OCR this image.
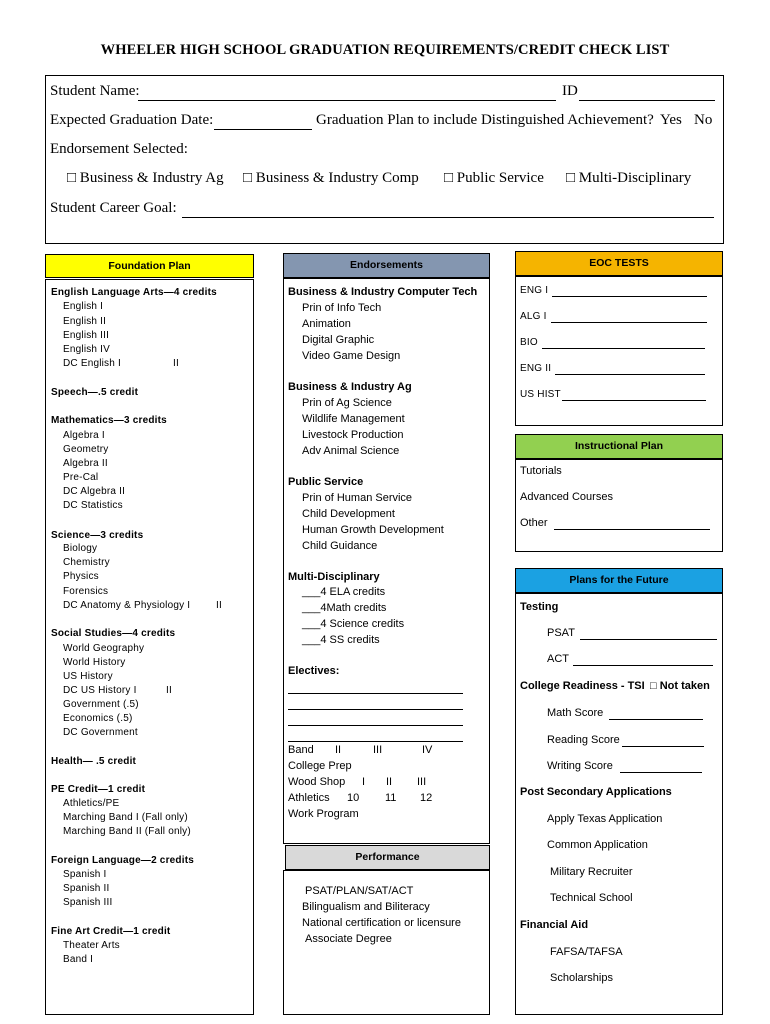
WHEELER HIGH SCHOOL GRADUATION REQUIREMENTS/CREDIT CHECK LIST
Student Name:	ID
Expected Graduation Date:	Graduation Plan to include Distinguished Achievement? Yes No
Endorsement Selected:
□ Business & Industry Ag □ Business & Industry Comp □ Public Service □ Multi-Disciplinary
Student Career Goal:
Foundation Plan
English Language Arts—4 credits
English I
English II
English III
English IV
DC English I	II
Speech—.5 credit
Mathematics—3 credits
Algebra I
Geometry
Algebra II
Pre-Cal
DC Algebra II
DC Statistics
Science—3 credits
Biology
Chemistry
Physics
Forensics
DC Anatomy & Physiology I	II
Social Studies—4 credits
World Geography
World History
US History
DC US History I	II
Government (.5)
Economics (.5)
DC Government
Health— .5 credit
PE Credit—1 credit
Athletics/PE
Marching Band I (Fall only)
Marching Band II (Fall only)
Foreign Language—2 credits
Spanish I
Spanish II
Spanish III
Fine Art Credit—1 credit
Theater Arts
Band I
Endorsements
Business & Industry Computer Tech
Prin of Info Tech
Animation
Digital Graphic
Video Game Design
Business & Industry Ag
Prin of Ag Science
Wildlife Management
Livestock Production
Adv Animal Science
Public Service
Prin of Human Service
Child Development
Human Growth Development
Child Guidance
Multi-Disciplinary
___4 ELA credits
___4Math credits
___4 Science credits
___4 SS credits
Electives:
Band II	III	IV
College Prep
Wood Shop I II III
Athletics 10 11 12
Work Program
Performance
PSAT/PLAN/SAT/ACT
Bilingualism and Biliteracy
National certification or licensure
Associate Degree
EOC TESTS
ENG I
ALG I
BIO
ENG II
US HIST
Instructional Plan
Tutorials
Advanced Courses
Other
Plans for the Future
Testing
PSAT
ACT
College Readiness - TSI □ Not taken
Math Score
Reading Score
Writing Score
Post Secondary Applications
Apply Texas Application
Common Application
Military Recruiter
Technical School
Financial Aid
FAFSA/TAFSA
Scholarships
